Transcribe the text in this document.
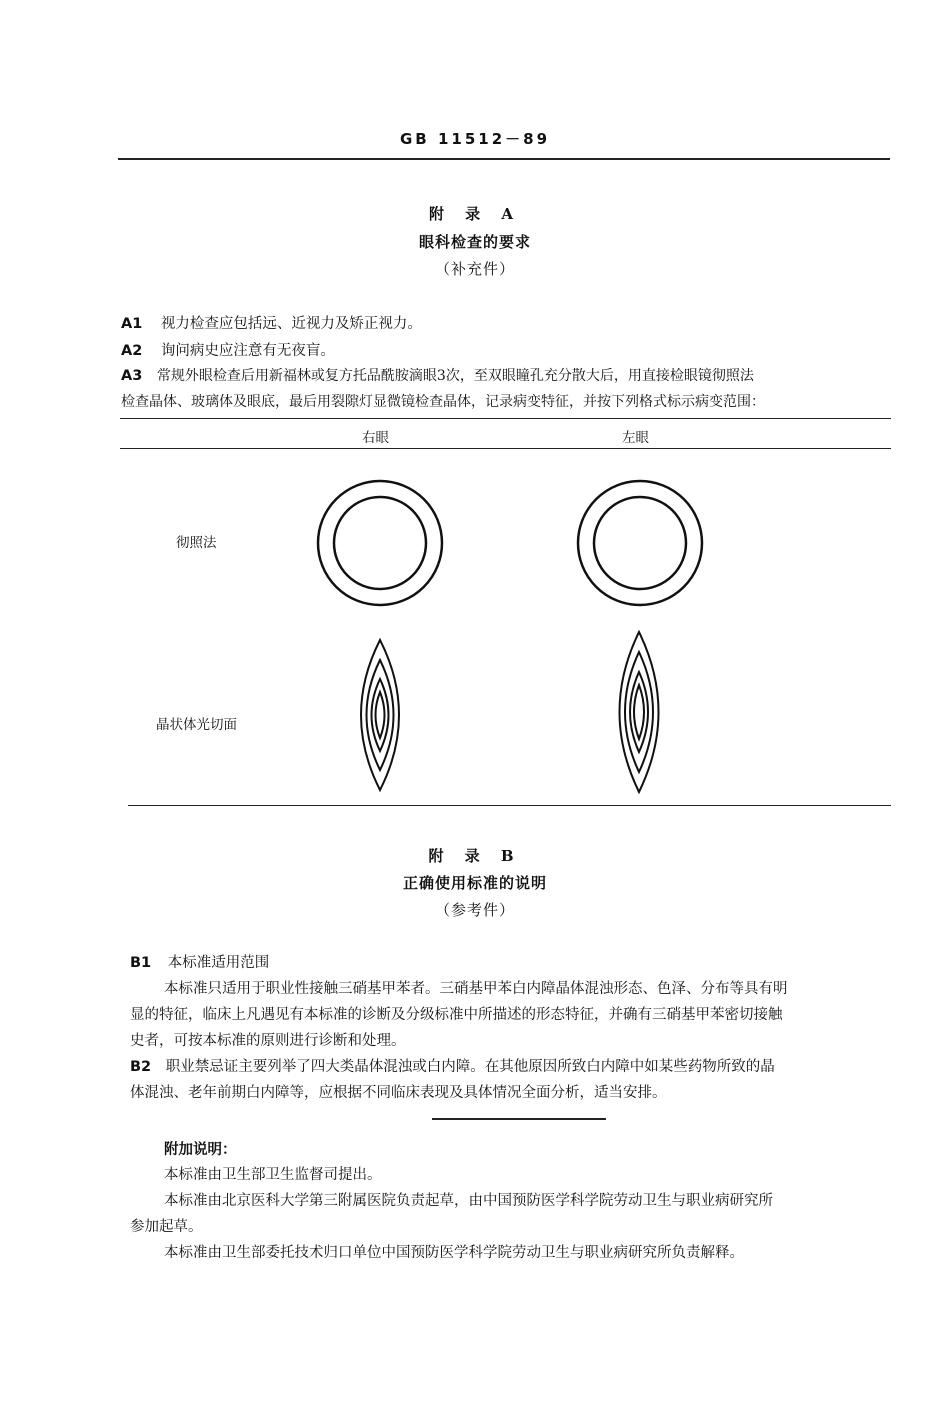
GB 11512－89
附 录 A
眼科检查的要求
（补充件）
A1 视力检查应包括远、近视力及矫正视力。
A2 询问病史应注意有无夜盲。
A3 常规外眼检查后用新福林或复方托品酰胺滴眼3次，至双眼瞳孔充分散大后，用直接检眼镜彻照法
检查晶体、玻璃体及眼底，最后用裂隙灯显微镜检查晶体，记录病变特征，并按下列格式标示病变范围：
右眼	左眼
彻照法
晶状体光切面
附 录 B
正确使用标准的说明
（参考件）
B1 本标准适用范围
本标准只适用于职业性接触三硝基甲苯者。三硝基甲苯白内障晶体混浊形态、色泽、分布等具有明
显的特征，临床上凡遇见有本标准的诊断及分级标准中所描述的形态特征，并确有三硝基甲苯密切接触
史者，可按本标准的原则进行诊断和处理。
B2 职业禁忌证主要列举了四大类晶体混浊或白内障。在其他原因所致白内障中如某些药物所致的晶
体混浊、老年前期白内障等，应根据不同临床表现及具体情况全面分析，适当安排。
附加说明：
本标准由卫生部卫生监督司提出。
本标准由北京医科大学第三附属医院负责起草，由中国预防医学科学院劳动卫生与职业病研究所
参加起草。
本标准由卫生部委托技术归口单位中国预防医学科学院劳动卫生与职业病研究所负责解释。
